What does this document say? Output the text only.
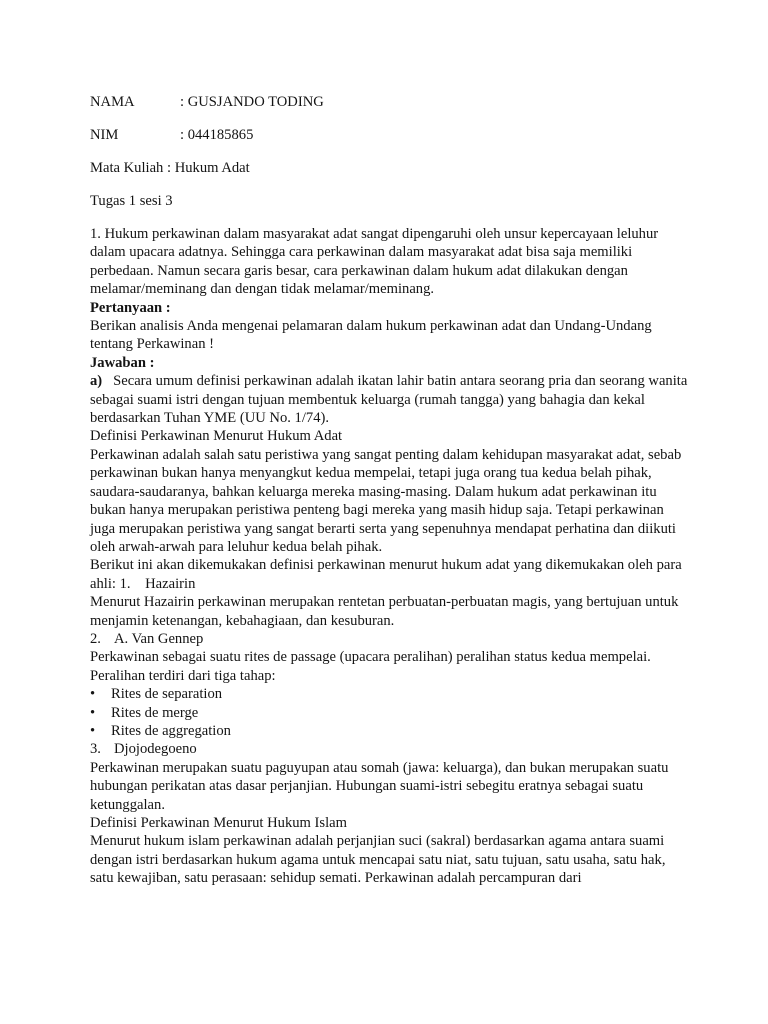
NAMA	: GUSJANDO TODING
NIM	: 044185865
Mata Kuliah : Hukum Adat
Tugas 1 sesi 3

1. Hukum perkawinan dalam masyarakat adat sangat dipengaruhi oleh unsur kepercayaan leluhur dalam upacara adatnya. Sehingga cara perkawinan dalam masyarakat adat bisa saja memiliki perbedaan. Namun secara garis besar, cara perkawinan dalam hukum adat dilakukan dengan melamar/meminang dan dengan tidak melamar/meminang.

Pertanyaan :

Berikan analisis Anda mengenai pelamaran dalam hukum perkawinan adat dan Undang-Undang tentang Perkawinan !

Jawaban :

a) Secara umum definisi perkawinan adalah ikatan lahir batin antara seorang pria dan seorang wanita sebagai suami istri dengan tujuan membentuk keluarga (rumah tangga) yang bahagia dan kekal berdasarkan Tuhan YME (UU No. 1/74).

Definisi Perkawinan Menurut Hukum Adat

Perkawinan adalah salah satu peristiwa yang sangat penting dalam kehidupan masyarakat adat, sebab perkawinan bukan hanya menyangkut kedua mempelai, tetapi juga orang tua kedua belah pihak, saudara-saudaranya, bahkan keluarga mereka masing-masing. Dalam hukum adat perkawinan itu bukan hanya merupakan peristiwa penteng bagi mereka yang masih hidup saja. Tetapi perkawinan juga merupakan peristiwa yang sangat berarti serta yang sepenuhnya mendapat perhatina dan diikuti oleh arwah-arwah para leluhur kedua belah pihak.

Berikut ini akan dikemukakan definisi perkawinan menurut hukum adat yang dikemukakan oleh para ahli: 1. Hazairin

Menurut Hazairin perkawinan merupakan rentetan perbuatan-perbuatan magis, yang bertujuan untuk menjamin ketenangan, kebahagiaan, dan kesuburan.

2. A. Van Gennep

Perkawinan sebagai suatu rites de passage (upacara peralihan) peralihan status kedua mempelai. Peralihan terdiri dari tiga tahap:

•	Rites de separation
•	Rites de merge
•	Rites de aggregation

3. Djojodegoeno

Perkawinan merupakan suatu paguyupan atau somah (jawa: keluarga), dan bukan merupakan suatu hubungan perikatan atas dasar perjanjian. Hubungan suami-istri sebegitu eratnya sebagai suatu ketunggalan.

Definisi Perkawinan Menurut Hukum Islam

Menurut hukum islam perkawinan adalah perjanjian suci (sakral) berdasarkan agama antara suami dengan istri berdasarkan hukum agama untuk mencapai satu niat, satu tujuan, satu usaha, satu hak, satu kewajiban, satu perasaan: sehidup semati. Perkawinan adalah percampuran dari
